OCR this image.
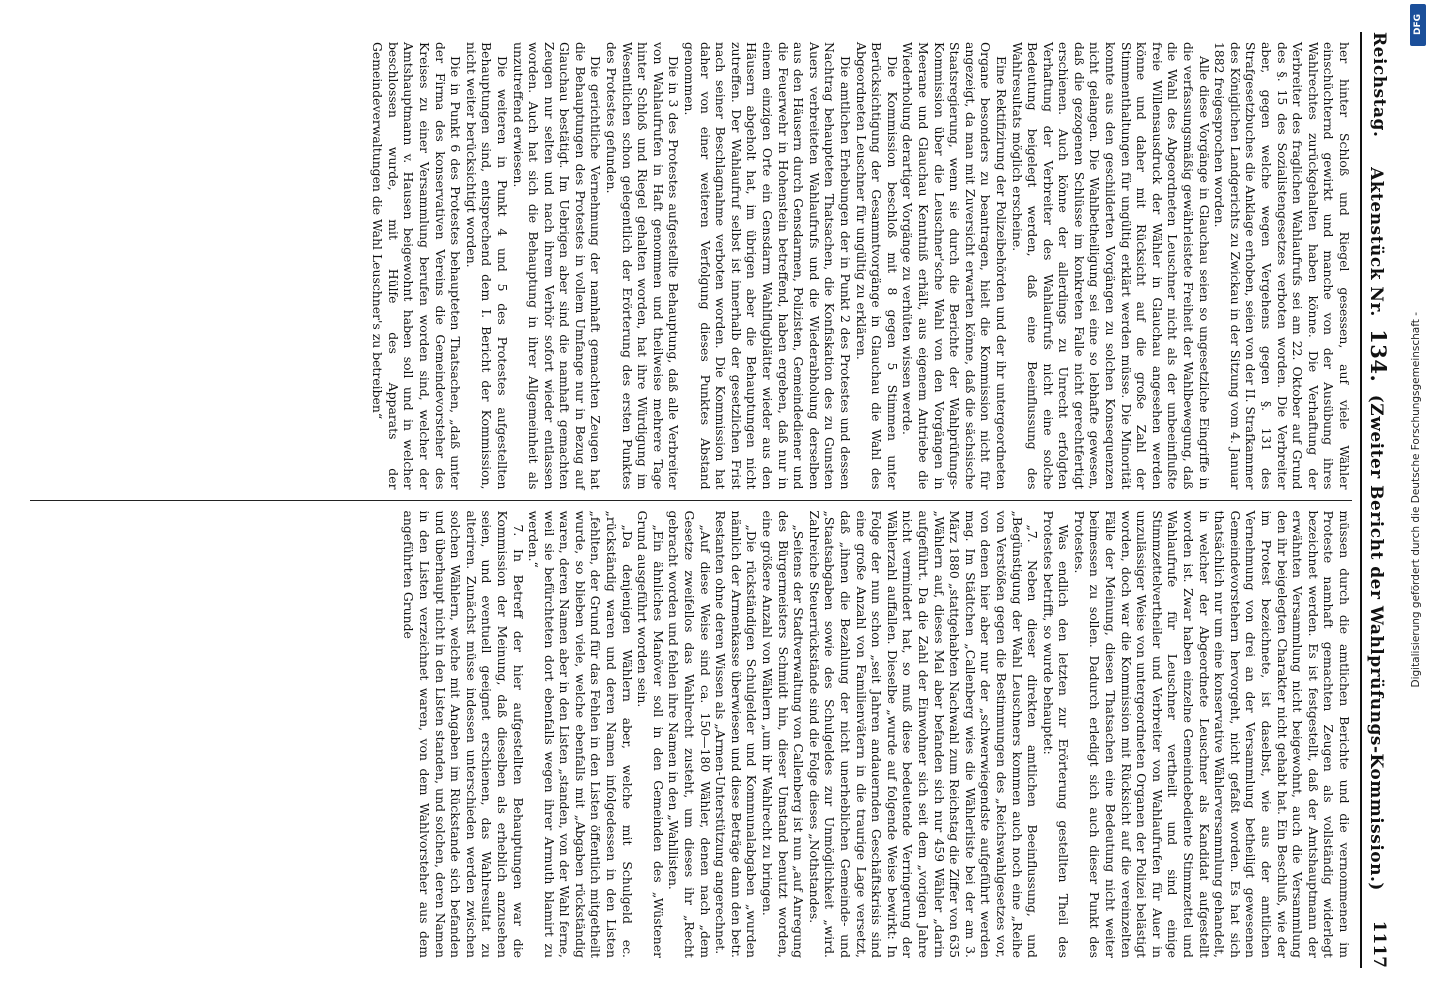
Reichstag.
Aktenstück Nr. 134. (Zweiter Bericht der Wahlprüfungs-Kommission.)
1117

her hinter Schloß und Riegel gesessen, auf viele Wähler einschüchternd gewirkt und manche von der Ausübung ihres Wahlrechtes zurückgehalten haben könne. Die Verhaftung der Verbreiter des fraglichen Wahlaufrufs sei am 22. Oktober auf Grund des §. 15 des Sozialistengesetzes verboten worden. Die Verbreiter aber, gegen welche wegen Vergehens gegen §. 131 des Strafgesetzbuches die Anklage erhoben, seien von der II. Strafkammer des Königlichen Landgerichts zu Zwickau in der Sitzung vom 4. Januar 1882 freigesprochen worden.

Alle diese Vorgänge in Glauchau seien so ungesetzliche Eingriffe in die verfassungsmäßig gewährleistete Freiheit der Wahlbewegung, daß die Wahl des Abgeordneten Leuschner nicht als der unbeeinflußte freie Willensausdruck der Wähler in Glauchau angesehen werden könne und daher mit Rücksicht auf die große Zahl der Stimmenthaltungen für ungültig erklärt werden müsse. Die Minorität konnte aus den geschilderten Vorgängen zu solchen Konsequenzen nicht gelangen. Die Wahlbetheiligung sei eine so lebhafte gewesen, daß die gezogenen Schlüsse im konkreten Falle nicht gerechtfertigt erschienen. Auch könne der allerdings zu Unrecht erfolgten Verhaftung der Verbreiter des Wahlaufrufs nicht eine solche Bedeutung beigelegt werden, daß eine Beeinflussung des Wahlresultats möglich erscheine.

Eine Rektifizirung der Polizeibehörden und der ihr untergeordneten Organe besonders zu beantragen, hielt die Kommission nicht für angezeigt, da man mit Zuversicht erwarten könne, daß die sächsische Staatsregierung, wenn sie durch die Berichte der Wahlprüfungs-Kommission über die Leuschner'sche Wahl von den Vorgängen in Meerane und Glauchau Kenntniß erhält, aus eigenem Antriebe die Wiederholung derartiger Vorgänge zu verhüten wissen werde.

Die Kommission beschloß mit 8 gegen 5 Stimmen unter Berücksichtigung der Gesammtvorgänge in Glauchau die Wahl des Abgeordneten Leuschner für ungültig zu erklären.

Die amtlichen Erhebungen der in Punkt 2 des Protestes und dessen Nachtrag behaupteten Thatsachen, die Konfiskation des zu Gunsten Auers verbreiteten Wahlaufrufs und die Wiederabholung derselben aus den Häusern durch Gensdarmen, Polizisten, Gemeindediener und die Feuerwehr in Hohenstein betreffend, haben ergeben, daß nur in einem einzigen Orte ein Gensdarm Wahlflugblätter wieder aus den Häusern abgeholt hat, im übrigen aber die Behauptungen nicht zutreffen. Der Wahlaufruf selbst ist innerhalb der gesetzlichen Frist nach seiner Beschlagnahme verboten worden. Die Kommission hat daher von einer weiteren Verfolgung dieses Punktes Abstand genommen.

Die in 3 des Protestes aufgestellte Behauptung, daß alle Verbreiter von Wahlaufrufen in Haft genommen und theilweise mehrere Tage hinter Schloß und Riegel gehalten worden, hat ihre Würdigung im Wesentlichen schon gelegentlich der Erörterung des ersten Punktes des Protestes gefunden.

Die gerichtliche Vernehmung der namhaft gemachten Zeugen hat die Behauptungen des Protestes in vollem Umfange nur in Bezug auf Glauchau bestätigt. Im Uebrigen aber sind die namhaft gemachten Zeugen nur selten und nach ihrem Verhör sofort wieder entlassen worden. Auch hat sich die Behauptung in ihrer Allgemeinheit als unzutreffend erwiesen.

Die weiteren in Punkt 4 und 5 des Protestes aufgestellten Behauptungen sind, entsprechend dem I. Bericht der Kommission, nicht weiter berücksichtigt worden.

Die in Punkt 6 des Protestes behaupteten Thatsachen, „daß unter der Firma des konservativen Vereins die Gemeindevorsteher des Kreises zu einer Versammlung berufen worden sind, welcher der Amtshauptmann v. Hausen beigewohnt haben soll und in welcher beschlossen wurde, mit Hülfe des Apparats der Gemeindeverwaltungen die Wahl Leuschner's zu betreiben“

müssen durch die amtlichen Berichte und die vernommenen im Proteste namhaft gemachten Zeugen als vollständig widerlegt bezeichnet werden. Es ist festgestellt, daß der Amtshauptmann der erwähnten Versammlung nicht beigewohnt, auch die Versammlung den ihr beigelegten Charakter nicht gehabt hat. Ein Beschluß, wie der im Protest bezeichnete, ist daselbst, wie aus der amtlichen Vernehmung von drei an der Versammlung betheiligt gewesenen Gemeindevorstehern hervorgeht, nicht gefaßt worden. Es hat sich thatsächlich nur um eine konservative Wählerversammlung gehandelt, in welcher der Abgeordnete Leuschner als Kandidat aufgestellt worden ist. Zwar haben einzelne Gemeindebediente Stimmzettel und Wahlaufrufe für Leuschner vertheilt und sind einige Stimmzettelvertheiler und Verbreiter von Wahlaufrufen für Auer in unzulässiger Weise von untergeordneten Organen der Polizei belästigt worden, doch war die Kommission mit Rücksicht auf die vereinzelten Fälle der Meinung, diesen Thatsachen eine Bedeutung nicht weiter beimessen zu sollen. Dadurch erledigt sich auch dieser Punkt des Protestes.

Was endlich den letzten zur Erörterung gestellten Theil des Protestes betrifft, so wurde behauptet:

„7. Neben dieser direkten amtlichen Beeinflussung, und „Begünstigung der Wahl Leuschners kommen auch noch eine „Reihe von Verstößen gegen die Bestimmungen des „Reichswahlgesetzes vor, von denen hier aber nur der „schwerwiegendste aufgeführt werden mag. Im Städtchen „Callenberg wies die Wählerliste bei der am 3. März 1880 „stattgehabten Nachwahl zum Reichstag die Ziffer von 635 „Wählern auf, dieses Mal aber befanden sich nur 459 Wähler „darin aufgeführt. Da die Zahl der Einwohner sich seit dem „vorigen Jahre nicht vermindert hat, so muß diese bedeutende Verringerung der Wählerzahl auffallen. Dieselbe „wurde auf folgende Weise bewirkt: In Folge der nun schon „seit Jahren andauernden Geschäftskrisis sind eine große Anzahl von Familienvätern in die traurige Lage versetzt, daß „ihnen die Bezahlung der nicht unerheblichen Gemeinde- und „Staatsabgaben sowie des Schulgeldes zur Unmöglichkeit „wird. Zahlreiche Steuerrückstände sind die Folge dieses „Nothstandes.

„Seitens der Stadtverwaltung von Callenberg ist nun „auf Anregung des Bürgermeisters Schmidt hin, dieser Umstand benutzt worden, eine größere Anzahl von Wählern „um ihr Wahlrecht zu bringen.

„Die rückständigen Schulgelder und Kommunalabgaben „wurden nämlich der Armenkasse überwiesen und diese Beträge dann den betr. Restanten ohne deren Wissen als „Armen-Unterstützung angerechnet.

„Auf diese Weise sind ca. 150—180 Wähler, denen nach „dem Gesetze zweifellos das Wahlrecht zusteht, um dieses ihr „Recht gebracht worden und fehlen ihre Namen in den „Wahllisten.

„Ein ähnliches Manöver soll in den Gemeinden des „Wüstener Grund ausgeführt worden sein.

„Da denjenigen Wählern aber, welche mit Schulgeld ec. „rückständig waren und deren Namen infolgedessen in den Listen „fehlten, der Grund für das Fehlen in den Listen öffentlich mitgetheilt wurde, so blieben viele, welche ebenfalls mit „Abgaben rückständig waren, deren Namen aber in den Listen „standen, von der Wahl ferne, weil sie befürchteten dort ebenfalls wegen ihrer Armuth blamirt zu werden.“

7. In Betreff der hier aufgestellten Behauptungen war die Kommission der Meinung, daß dieselben als erheblich anzusehen seien, und eventuell geeignet erschienen, das Wahlresultat zu alteriren. Zunächst müsse indessen unterschieden werden zwischen solchen Wählern, welche mit Angaben im Rückstande sich befanden und überhaupt nicht in den Listen standen, und solchen, deren Namen in den Listen verzeichnet waren, von dem Wahlvorsteher aus dem angeführten Grunde	Digitalisierung gefördert durch die Deutsche Forschungsgemeinschaft -
DFG
